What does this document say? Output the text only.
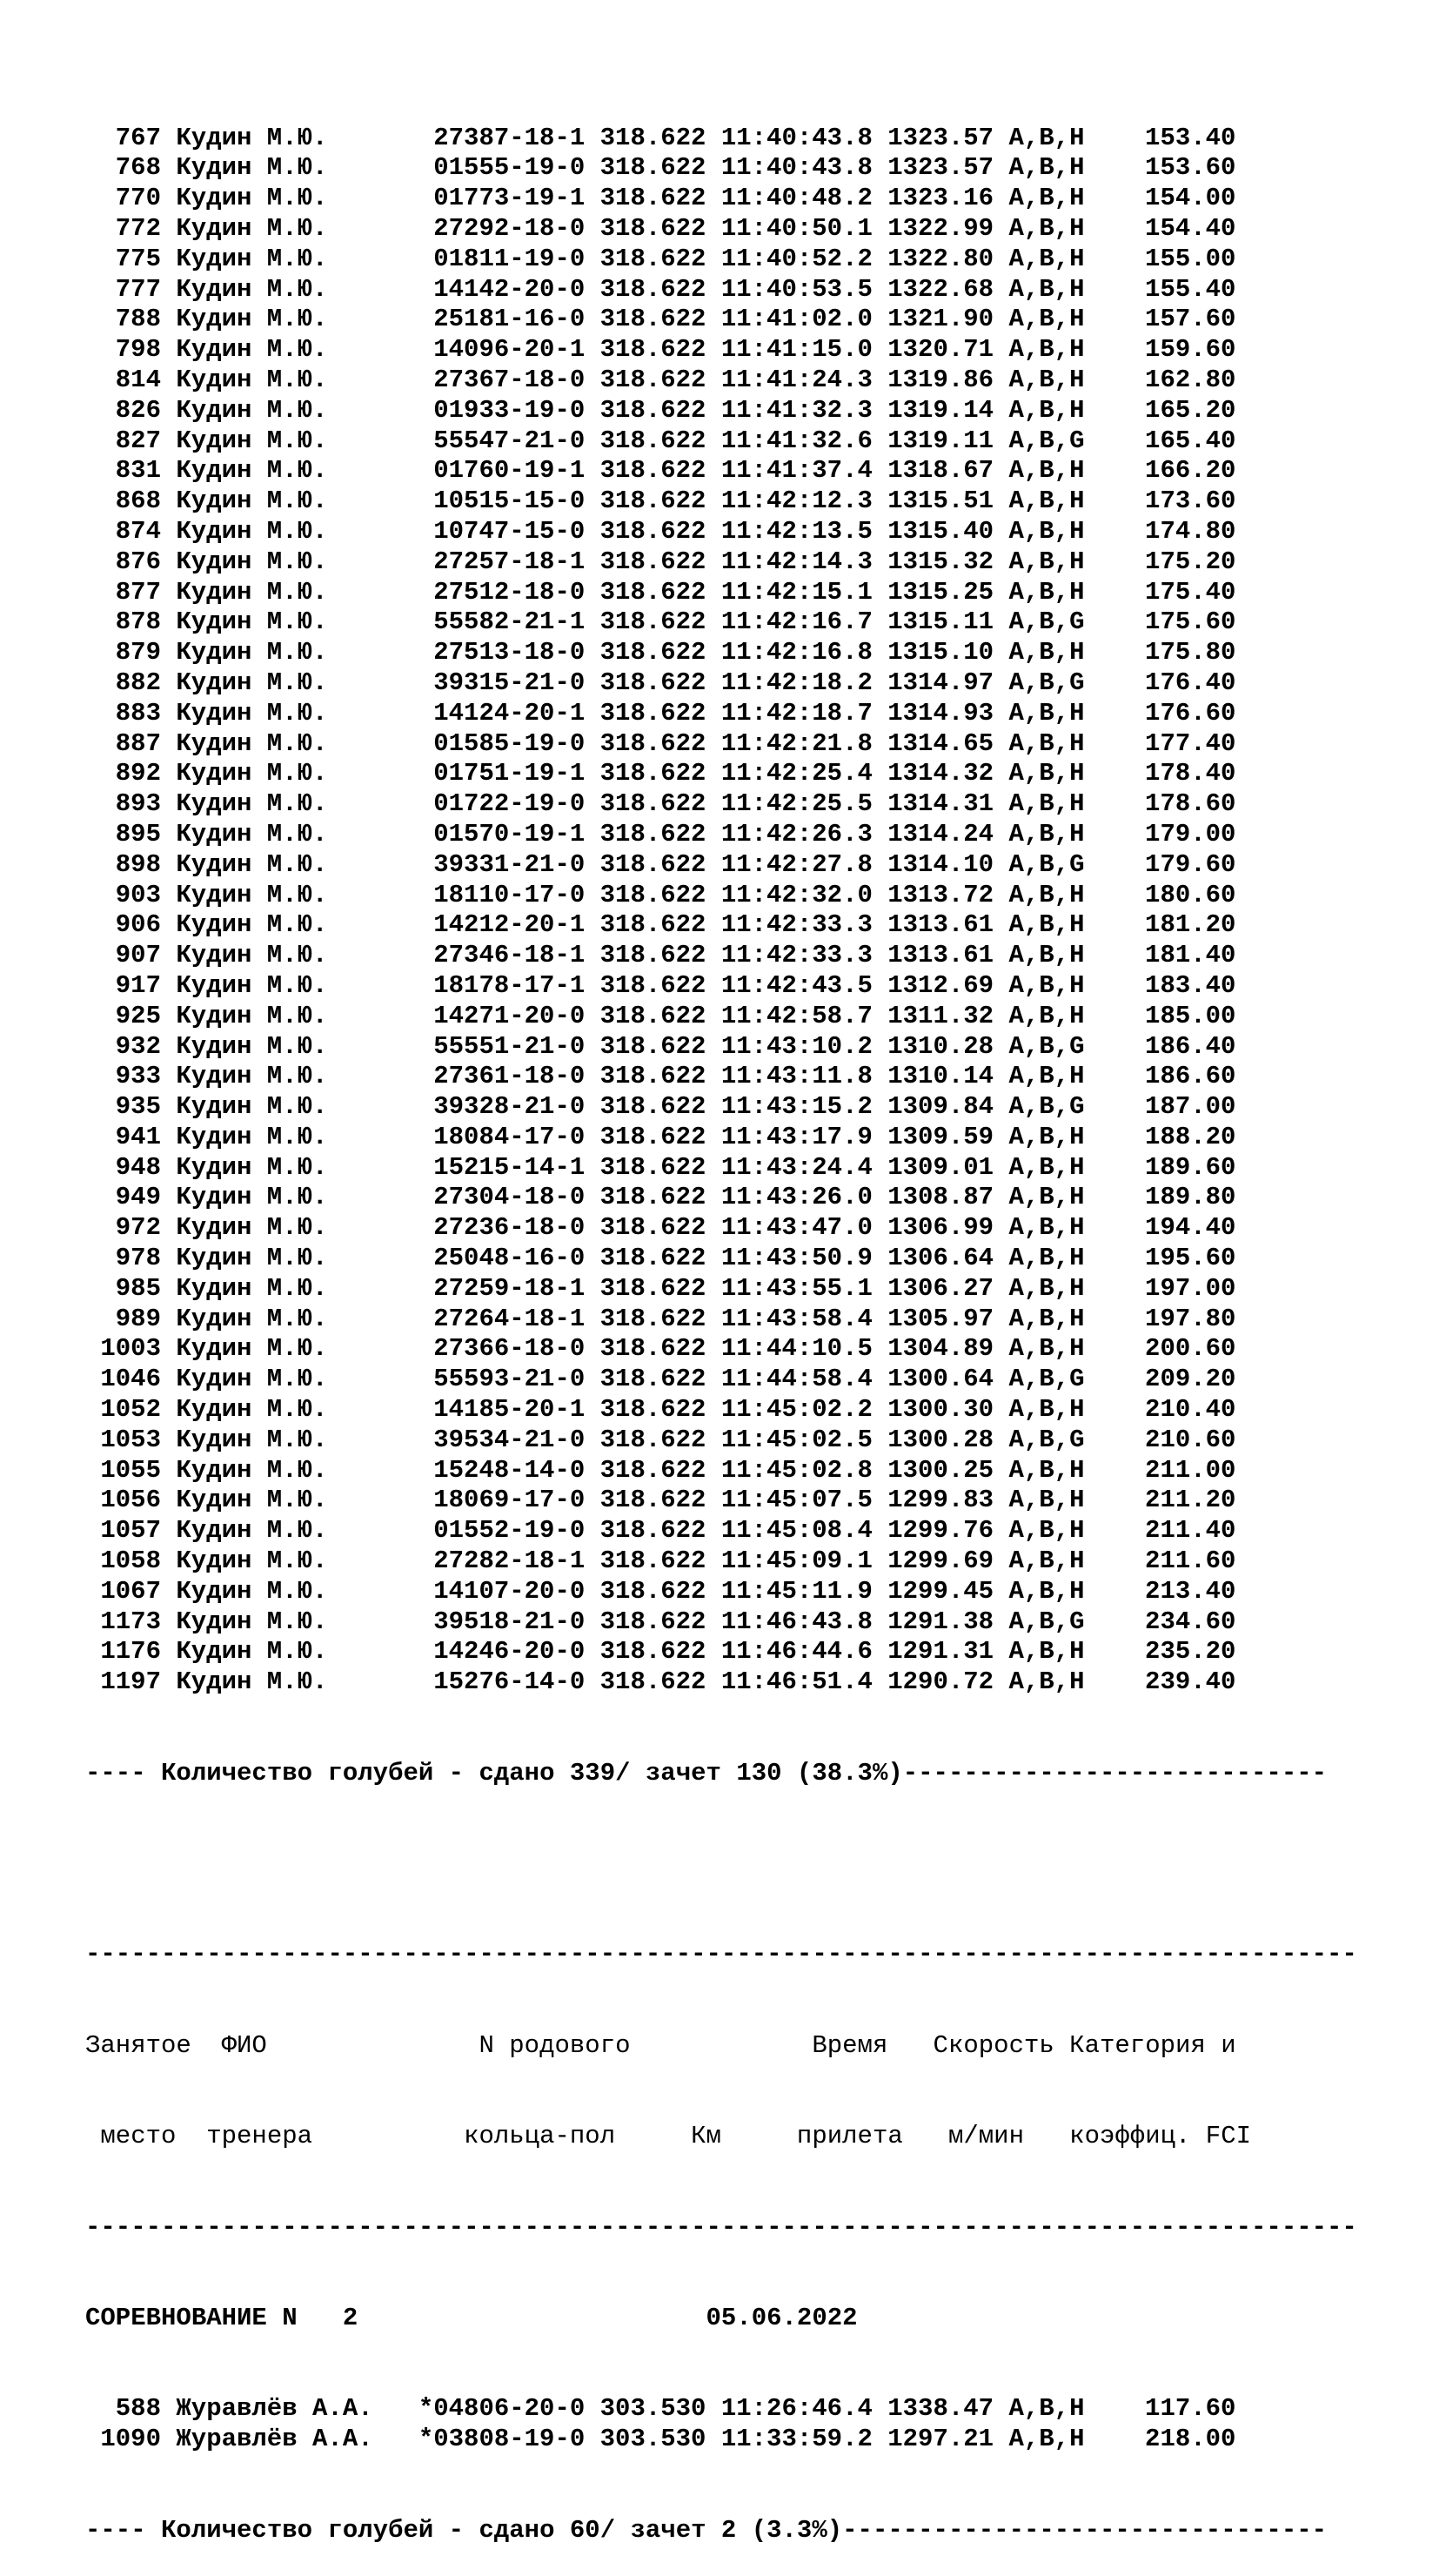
767 Кудин М.Ю.	27387-18-1 318.622 11:40:43.8 1323.57 A,B,H 153.40
768 Кудин М.Ю.	01555-19-0 318.622 11:40:43.8 1323.57 A,B,H 153.60
770 Кудин М.Ю.	01773-19-1 318.622 11:40:48.2 1323.16 A,B,H 154.00
772 Кудин М.Ю.	27292-18-0 318.622 11:40:50.1 1322.99 A,B,H 154.40
775 Кудин М.Ю.	01811-19-0 318.622 11:40:52.2 1322.80 A,B,H 155.00
777 Кудин М.Ю.	14142-20-0 318.622 11:40:53.5 1322.68 A,B,H 155.40
788 Кудин М.Ю.	25181-16-0 318.622 11:41:02.0 1321.90 A,B,H 157.60
798 Кудин М.Ю.	14096-20-1 318.622 11:41:15.0 1320.71 A,B,H 159.60
814 Кудин М.Ю.	27367-18-0 318.622 11:41:24.3 1319.86 A,B,H 162.80
826 Кудин М.Ю.	01933-19-0 318.622 11:41:32.3 1319.14 A,B,H 165.20
827 Кудин М.Ю.	55547-21-0 318.622 11:41:32.6 1319.11 A,B,G 165.40
831 Кудин М.Ю.	01760-19-1 318.622 11:41:37.4 1318.67 A,B,H 166.20
868 Кудин М.Ю.	10515-15-0 318.622 11:42:12.3 1315.51 A,B,H 173.60
874 Кудин М.Ю.	10747-15-0 318.622 11:42:13.5 1315.40 A,B,H 174.80
876 Кудин М.Ю.	27257-18-1 318.622 11:42:14.3 1315.32 A,B,H 175.20
877 Кудин М.Ю.	27512-18-0 318.622 11:42:15.1 1315.25 A,B,H 175.40
878 Кудин М.Ю.	55582-21-1 318.622 11:42:16.7 1315.11 A,B,G 175.60
879 Кудин М.Ю.	27513-18-0 318.622 11:42:16.8 1315.10 A,B,H 175.80
882 Кудин М.Ю.	39315-21-0 318.622 11:42:18.2 1314.97 A,B,G 176.40
883 Кудин М.Ю.	14124-20-1 318.622 11:42:18.7 1314.93 A,B,H 176.60
887 Кудин М.Ю.	01585-19-0 318.622 11:42:21.8 1314.65 A,B,H 177.40
892 Кудин М.Ю.	01751-19-1 318.622 11:42:25.4 1314.32 A,B,H 178.40
893 Кудин М.Ю.	01722-19-0 318.622 11:42:25.5 1314.31 A,B,H 178.60
895 Кудин М.Ю.	01570-19-1 318.622 11:42:26.3 1314.24 A,B,H 179.00
898 Кудин М.Ю.	39331-21-0 318.622 11:42:27.8 1314.10 A,B,G 179.60
903 Кудин М.Ю.	18110-17-0 318.622 11:42:32.0 1313.72 A,B,H 180.60
906 Кудин М.Ю.	14212-20-1 318.622 11:42:33.3 1313.61 A,B,H 181.20
907 Кудин М.Ю.	27346-18-1 318.622 11:42:33.3 1313.61 A,B,H 181.40
917 Кудин М.Ю.	18178-17-1 318.622 11:42:43.5 1312.69 A,B,H 183.40
925 Кудин М.Ю.	14271-20-0 318.622 11:42:58.7 1311.32 A,B,H 185.00
932 Кудин М.Ю.	55551-21-0 318.622 11:43:10.2 1310.28 A,B,G 186.40
933 Кудин М.Ю.	27361-18-0 318.622 11:43:11.8 1310.14 A,B,H 186.60
935 Кудин М.Ю.	39328-21-0 318.622 11:43:15.2 1309.84 A,B,G 187.00
941 Кудин М.Ю.	18084-17-0 318.622 11:43:17.9 1309.59 A,B,H 188.20
948 Кудин М.Ю.	15215-14-1 318.622 11:43:24.4 1309.01 A,B,H 189.60
949 Кудин М.Ю.	27304-18-0 318.622 11:43:26.0 1308.87 A,B,H 189.80
972 Кудин М.Ю.	27236-18-0 318.622 11:43:47.0 1306.99 A,B,H 194.40
978 Кудин М.Ю.	25048-16-0 318.622 11:43:50.9 1306.64 A,B,H 195.60
985 Кудин М.Ю.	27259-18-1 318.622 11:43:55.1 1306.27 A,B,H 197.00
989 Кудин М.Ю.	27264-18-1 318.622 11:43:58.4 1305.97 A,B,H 197.80
1003 Кудин М.Ю.	27366-18-0 318.622 11:44:10.5 1304.89 A,B,H 200.60
1046 Кудин М.Ю.	55593-21-0 318.622 11:44:58.4 1300.64 A,B,G 209.20
1052 Кудин М.Ю.	14185-20-1 318.622 11:45:02.2 1300.30 A,B,H 210.40
1053 Кудин М.Ю.	39534-21-0 318.622 11:45:02.5 1300.28 A,B,G 210.60
1055 Кудин М.Ю.	15248-14-0 318.622 11:45:02.8 1300.25 A,B,H 211.00
1056 Кудин М.Ю.	18069-17-0 318.622 11:45:07.5 1299.83 A,B,H 211.20
1057 Кудин М.Ю.	01552-19-0 318.622 11:45:08.4 1299.76 A,B,H 211.40
1058 Кудин М.Ю.	27282-18-1 318.622 11:45:09.1 1299.69 A,B,H 211.60
1067 Кудин М.Ю.	14107-20-0 318.622 11:45:11.9 1299.45 A,B,H 213.40
1173 Кудин М.Ю.	39518-21-0 318.622 11:46:43.8 1291.38 A,B,G 234.60
1176 Кудин М.Ю.	14246-20-0 318.622 11:46:44.6 1291.31 A,B,H 235.20
1197 Кудин М.Ю.	15276-14-0 318.622 11:46:51.4 1290.72 A,B,H 239.40

---- Количество голубей - сдано 339/ зачет 130 (38.3%)----------------------------

------------------------------------------------------------------------------------

Занятое  ФИО              N родового            Время   Скорость Категория и

место  тренера          кольца-пол     Км     прилета   м/мин   коэффиц. FCI

------------------------------------------------------------------------------------

СОРЕВНОВАНИЕ N   2                       05.06.2022

588 Журавлёв А.А. *04806-20-0 303.530 11:26:46.4 1338.47 A,B,H 117.60
1090 Журавлёв А.А. *03808-19-0 303.530 11:33:59.2 1297.21 A,B,H 218.00

---- Количество голубей - сдано 60/ зачет 2 (3.3%)--------------------------------
